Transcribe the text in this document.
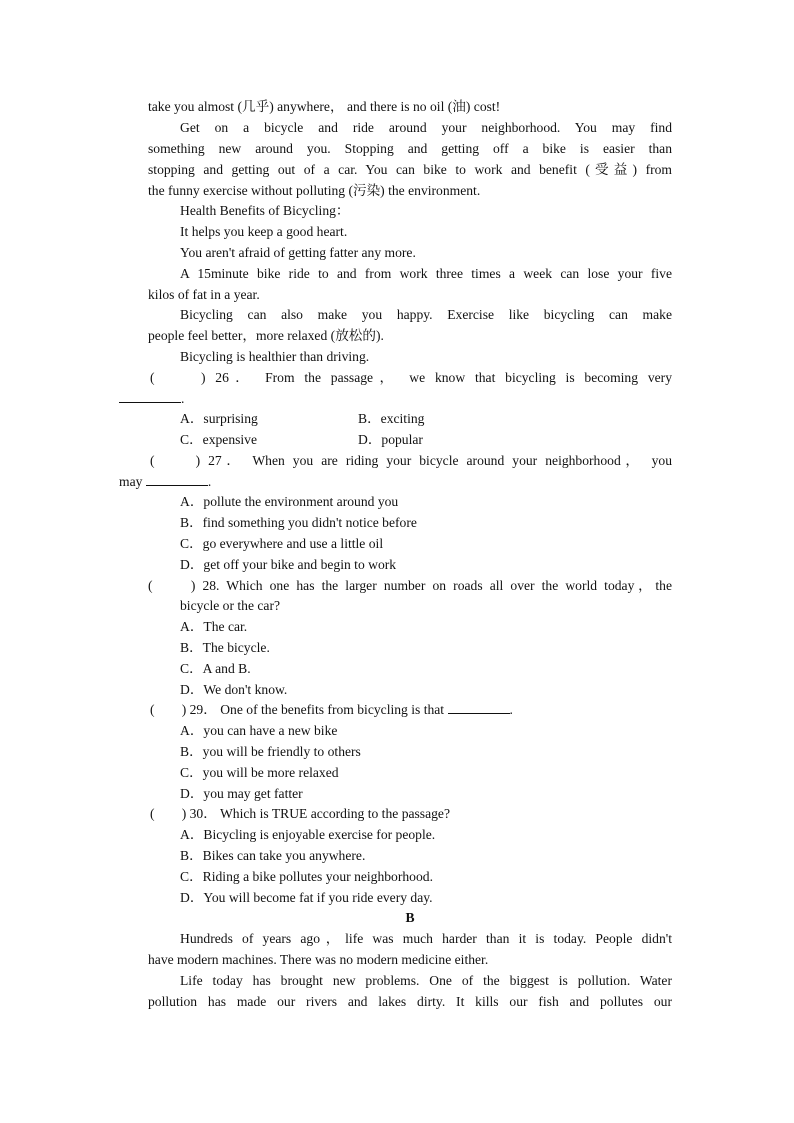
take you almost (几乎) anywhere， and there is no oil (油) cost!
Get on a bicycle and ride around your neighborhood. You may find
something new around you. Stopping and getting off a bike is easier than
stopping and getting out of a car. You can bike to work and benefit (受益) from
the funny exercise without polluting (污染) the environment.
Health Benefits of Bicycling：
It helps you keep a good heart.
You aren't afraid of getting fatter any more.
A 15minute bike ride to and from work three times a week can lose your five
kilos of fat in a year.
Bicycling can also make you happy. Exercise like bicycling can make
people feel better，more relaxed (放松的).
Bicycling is healthier than driving.
(　　) 26． From the passage， we know that bicycling is becoming very
.
A．surprising	B．exciting
C．expensive	D．popular
(　　) 27． When you are riding your bicycle around your neighborhood， you
may	.
A．pollute the environment around you
B．find something you didn't notice before
C．go everywhere and use a little oil
D．get off your bike and begin to work
(　　) 28. Which one has the larger number on roads all over the world today，the
bicycle or the car?
A．The car.
B．The bicycle.
C．A and B.
D．We don't know.
(　　) 29． One of the benefits from bicycling is that	.
A．you can have a new bike
B．you will be friendly to others
C．you will be more relaxed
D．you may get fatter
(　　) 30． Which is TRUE according to the passage?
A．Bicycling is enjoyable exercise for people.
B．Bikes can take you anywhere.
C．Riding a bike pollutes your neighborhood.
D．You will become fat if you ride every day.
B
Hundreds of years ago，life was much harder than it is today. People didn't
have modern machines. There was no modern medicine either.
Life today has brought new problems. One of the biggest is pollution. Water
pollution has made our rivers and lakes dirty. It kills our fish and pollutes our
